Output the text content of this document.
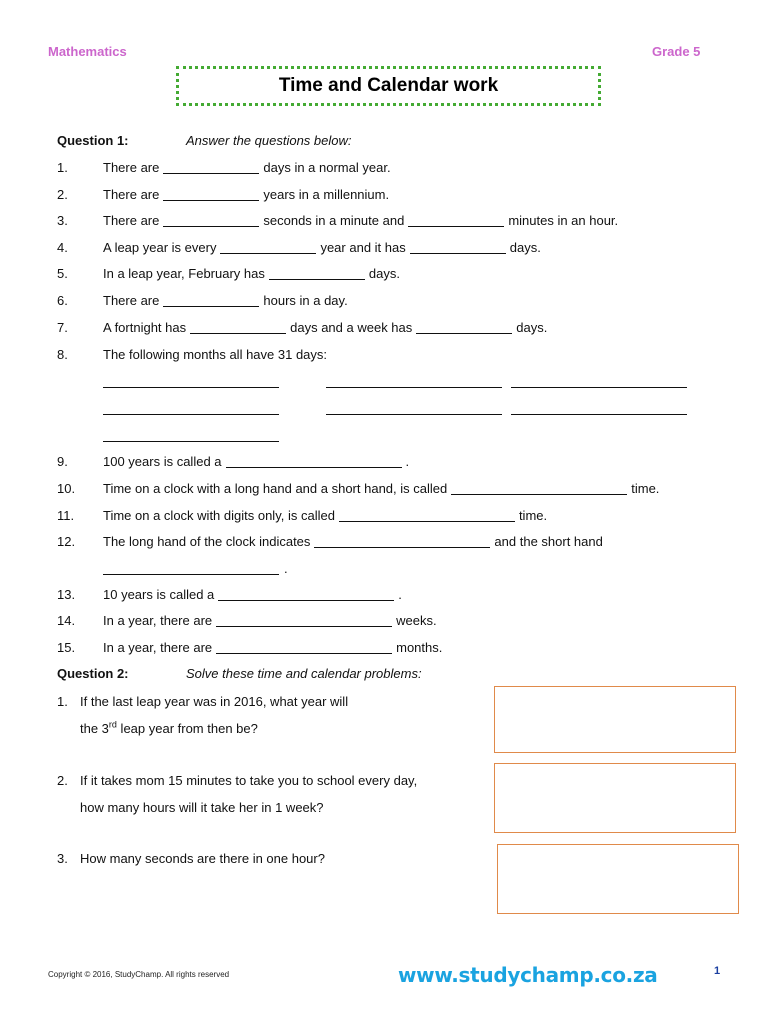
Mathematics	Grade 5
Time and Calendar work
Question 1:	Answer the questions below:
1.	There are	days in a normal year.
2.	There are	years in a millennium.
3.	There are	seconds in a minute and	minutes in an hour.
4.	A leap year is every	year and it has	days.
5.	In a leap year, February has	days.
6.	There are	hours in a day.
7.	A fortnight has	days and a week has	days.
8.	The following months all have 31 days:
9.	100 years is called a	.
10. Time on a clock with a long hand and a short hand, is called	time.
11. Time on a clock with digits only, is called	time.
12. The long hand of the clock indicates	and the short hand
.
13. 10 years is called a	.
14. In a year, there are	weeks.
15. In a year, there are	months.
Question 2:	Solve these time and calendar problems:
1. If the last leap year was in 2016, what year will
the 3rd leap year from then be?
2. If it takes mom 15 minutes to take you to school every day,
how many hours will it take her in 1 week?
3. How many seconds are there in one hour?
Copyright © 2016, StudyChamp. All rights reserved	www.studychamp.co.za	1
